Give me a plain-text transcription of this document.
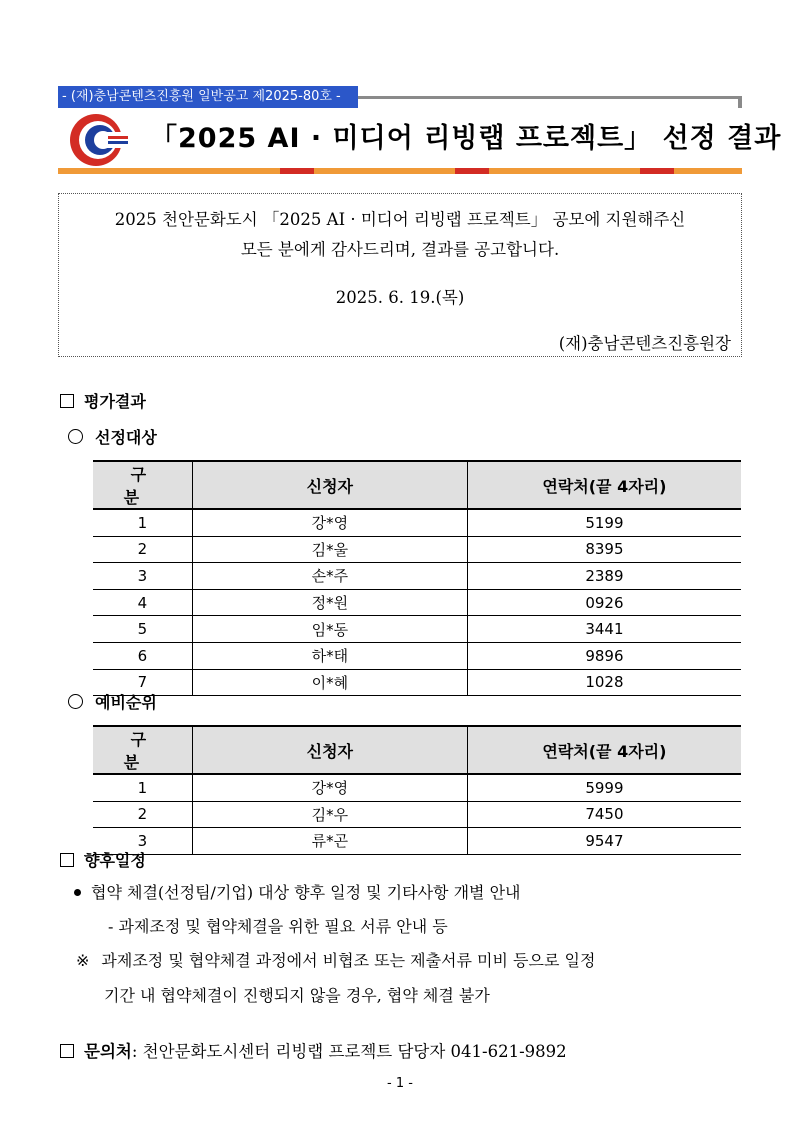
- (재)충남콘텐츠진흥원 일반공고 제2025-80호 -
「2025 AI · 미디어 리빙랩 프로젝트」 선정 결과
2025 천안문화도시 「2025 AI · 미디어 리빙랩 프로젝트」 공모에 지원해주신
모든 분에게 감사드리며, 결과를 공고합니다.
2025. 6. 19.(목)
(재)충남콘텐츠진흥원장
평가결과
선정대상
구 분	신청자	연락처(끝 4자리)
1	강*영	5199
2	김*울	8395
3	손*주	2389
4	정*원	0926
5	임*동	3441
6	하*태	9896
7	이*혜	1028
예비순위
구 분	신청자	연락처(끝 4자리)
1	강*영	5999
2	김*우	7450
3	류*곤	9547
향후일정
협약 체결(선정팀/기업) 대상 향후 일정 및 기타사항 개별 안내
- 과제조정 및 협약체결을 위한 필요 서류 안내 등
※ 과제조정 및 협약체결 과정에서 비협조 또는 제출서류 미비 등으로 일정
기간 내 협약체결이 진행되지 않을 경우, 협약 체결 불가
문의처: 천안문화도시센터 리빙랩 프로젝트 담당자 041-621-9892
- 1 -
